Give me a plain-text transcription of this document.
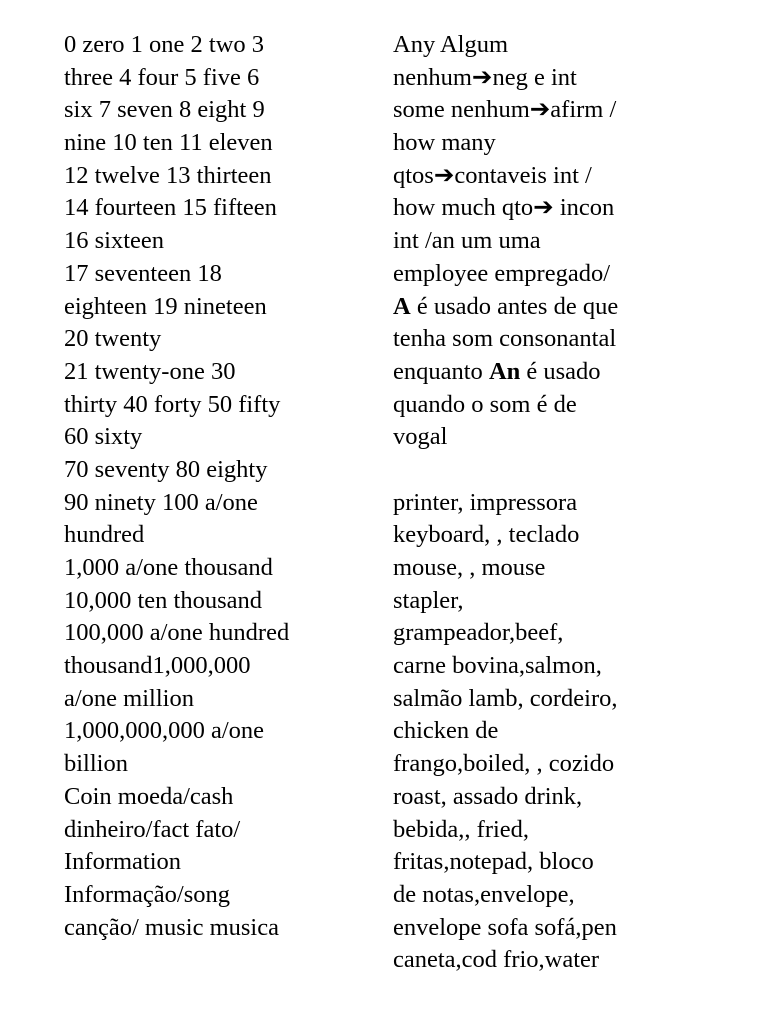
0 zero 1 one 2 two 3
three 4 four 5 five 6
six 7 seven 8 eight 9
nine 10 ten 11 eleven
12 twelve 13 thirteen
14 fourteen 15 fifteen
16 sixteen
17 seventeen 18
eighteen 19 nineteen
20 twenty
21 twenty-one 30
thirty 40 forty 50 fifty
60 sixty
70 seventy 80 eighty
90 ninety 100 a/one
hundred
1,000 a/one thousand
10,000 ten thousand
100,000 a/one hundred
thousand1,000,000
a/one million
1,000,000,000 a/one
billion
Coin moeda/cash
dinheiro/fact fato/
Information
Informação/song
canção/ music musica
Any Algum
nenhum➔neg e int
some nenhum➔afirm /
how many
qtos➔contaveis int /
how much qto➔ incon
int /an um uma
employee empregado/
A é usado antes de que
tenha som consonantal
enquanto An é usado
quando o som é de
vogal
printer, impressora
keyboard, , teclado
mouse, , mouse
stapler,
grampeador,beef,
carne bovina,salmon,
salmão lamb, cordeiro,
chicken de
frango,boiled, , cozido
roast, assado drink,
bebida,, fried,
fritas,notepad, bloco
de notas,envelope,
envelope sofa sofá,pen
caneta,cod frio,water
